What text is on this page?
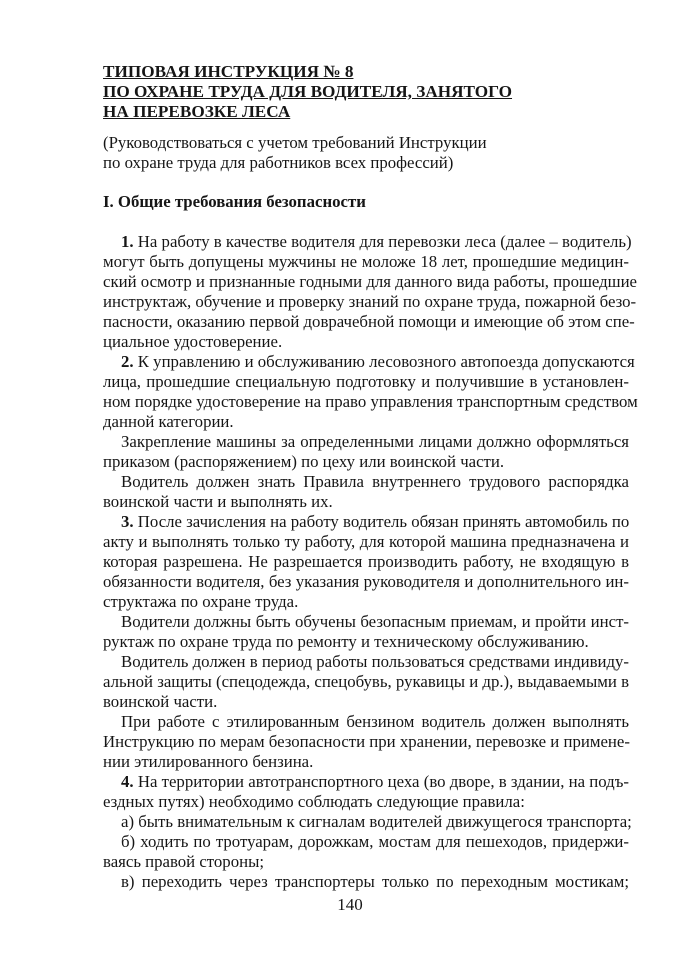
ТИПОВАЯ ИНСТРУКЦИЯ № 8
ПО ОХРАНЕ ТРУДА ДЛЯ ВОДИТЕЛЯ, ЗАНЯТОГО
НА ПЕРЕВОЗКЕ ЛЕСА
(Руководствоваться с учетом требований Инструкции
по охране труда для работников всех профессий)
I. Общие требования безопасности
1. На работу в качестве водителя для перевозки леса (далее – водитель)
могут быть допущены мужчины не моложе 18 лет, прошедшие медицин-
ский осмотр и признанные годными для данного вида работы, прошедшие
инструктаж, обучение и проверку знаний по охране труда, пожарной безо-
пасности, оказанию первой доврачебной помощи и имеющие об этом спе-
циальное удостоверение.
2. К управлению и обслуживанию лесовозного автопоезда допускаются
лица, прошедшие специальную подготовку и получившие в установлен-
ном порядке удостоверение на право управления транспортным средством
данной категории.
Закрепление машины за определенными лицами должно оформляться
приказом (распоряжением) по цеху или воинской части.
Водитель должен знать Правила внутреннего трудового распорядка
воинской части и выполнять их.
3. После зачисления на работу водитель обязан принять автомобиль по
акту и выполнять только ту работу, для которой машина предназначена и
которая разрешена. Не разрешается производить работу, не входящую в
обязанности водителя, без указания руководителя и дополнительного ин-
структажа по охране труда.
Водители должны быть обучены безопасным приемам, и пройти инст-
руктаж по охране труда по ремонту и техническому обслуживанию.
Водитель должен в период работы пользоваться средствами индивиду-
альной защиты (спецодежда, спецобувь, рукавицы и др.), выдаваемыми в
воинской части.
При работе с этилированным бензином водитель должен выполнять
Инструкцию по мерам безопасности при хранении, перевозке и примене-
нии этилированного бензина.
4. На территории автотранспортного цеха (во дворе, в здании, на подъ-
ездных путях) необходимо соблюдать следующие правила:
а) быть внимательным к сигналам водителей движущегося транспорта;
б) ходить по тротуарам, дорожкам, мостам для пешеходов, придержи-
ваясь правой стороны;
в) переходить через транспортеры только по переходным мостикам;
140
